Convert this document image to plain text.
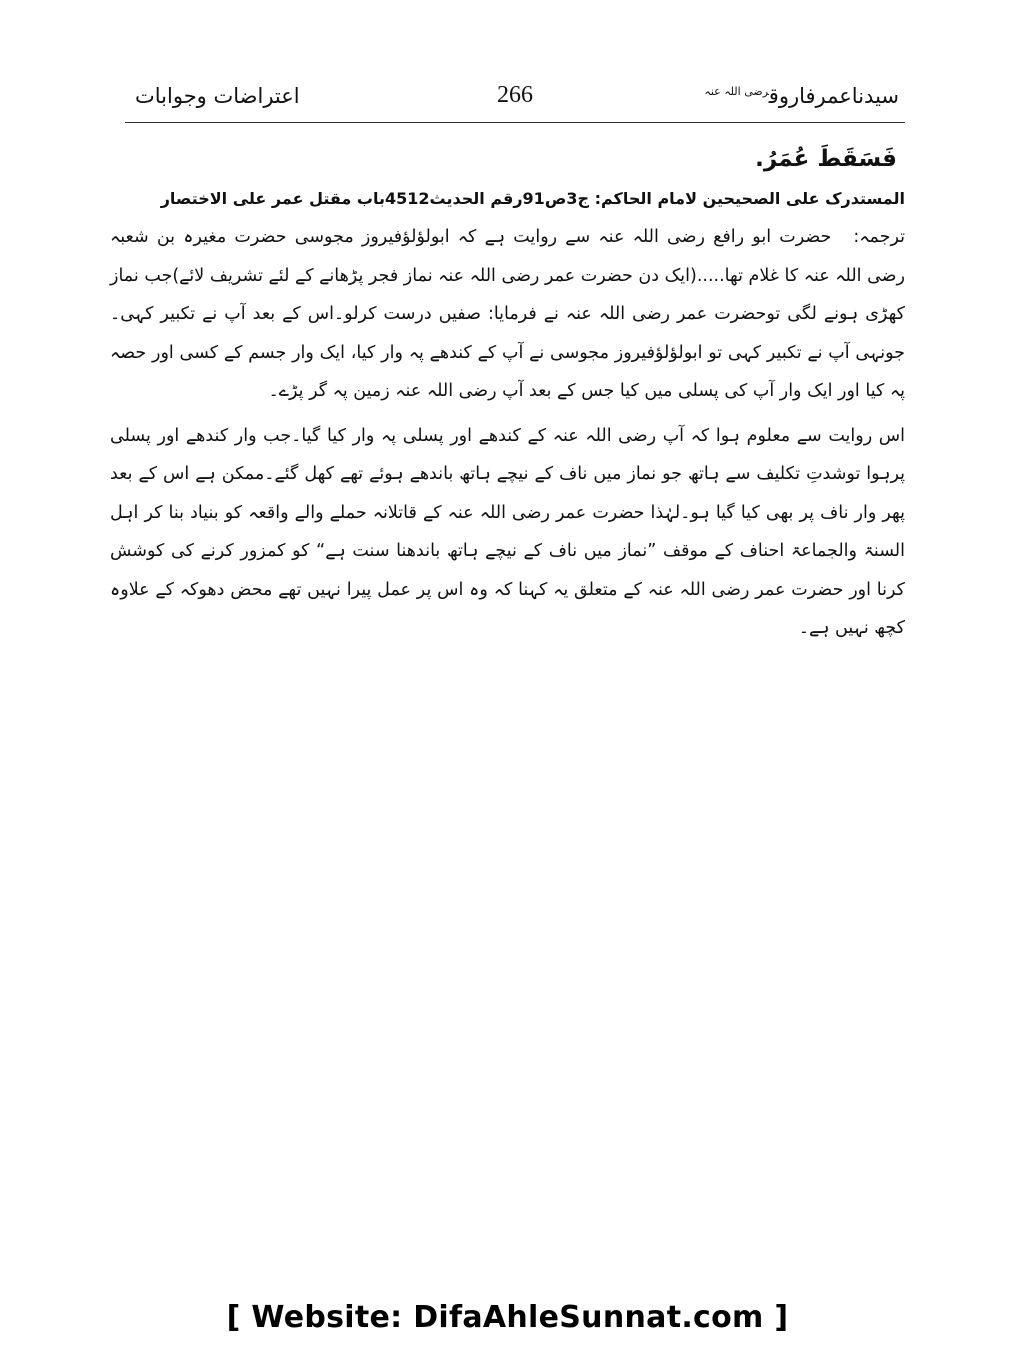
اعتراضات وجوابات	266	سیدناعمرفاروق$^{رضی اللہ عنہ}$

فَسَقَطَ عُمَرُ.

المستدرک علی الصحیحین لامام الحاکم: ج3ص91رقم الحدیث4512باب مقتل عمر علی الاختصار

ترجمہ:حضرت ابو رافع رضی اللہ عنہ سے روایت ہے کہ ابولؤلؤفیروز مجوسی حضرت مغیرہ بن شعبہ رضی اللہ عنہ کا غلام تھا.....(ایک دن حضرت عمر رضی اللہ عنہ نماز فجر پڑھانے کے لئے تشریف لائے)جب نماز کھڑی ہونے لگی توحضرت عمر رضی اللہ عنہ نے فرمایا: صفیں درست کرلو۔اس کے بعد آپ نے تکبیر کہی۔جونہی آپ نے تکبیر کہی تو ابولؤلؤفیروز مجوسی نے آپ کے کندھے پہ وار کیا، ایک وار جسم کے کسی اور حصہ پہ کیا اور ایک وار آپ کی پسلی میں کیا جس کے بعد آپ رضی اللہ عنہ زمین پہ گر پڑے۔

اس روایت سے معلوم ہوا کہ آپ رضی اللہ عنہ کے کندھے اور پسلی پہ وار کیا گیا۔جب وار کندھے اور پسلی پرہوا توشدتِ تکلیف سے ہاتھ جو نماز میں ناف کے نیچے ہاتھ باندھے ہوئے تھے کھل گئے۔ممکن ہے اس کے بعد پھر وار ناف پر بھی کیا گیا ہو۔لہٰذا حضرت عمر رضی اللہ عنہ کے قاتلانہ حملے والے واقعہ کو بنیاد بنا کر اہل السنۃ والجماعۃ احناف کے موقف ”نماز میں ناف کے نیچے ہاتھ باندھنا سنت ہے“ کو کمزور کرنے کی کوشش کرنا اور حضرت عمر رضی اللہ عنہ کے متعلق یہ کہنا کہ وہ اس پر عمل پیرا نہیں تھے محض دھوکہ کے علاوہ کچھ نہیں ہے۔

[ Website: DifaAhleSunnat.com ]
